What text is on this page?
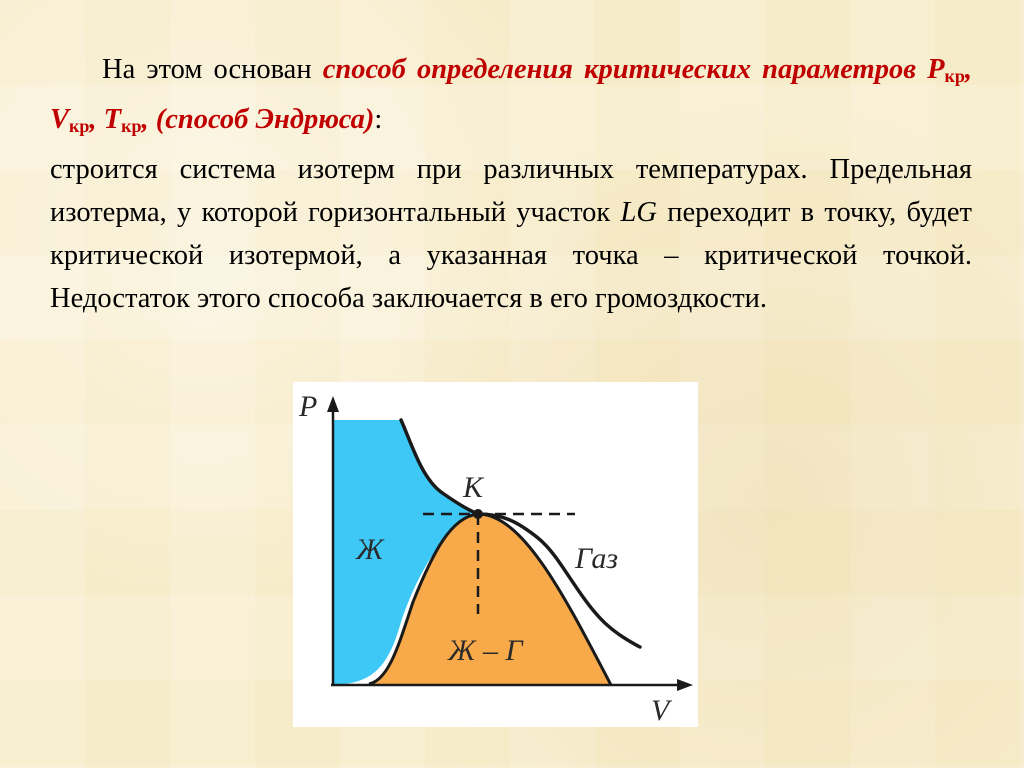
На этом основан способ определения критических параметров $P_{кр}$, $V_{кр}$, $T_{кр}$, (способ Эндрюса):

строится система изотерм при различных температурах. Предельная изотерма, у которой горизонтальный участок LG переходит в точку, будет критической изотермой, а указанная точка – критической точкой. Недостаток этого способа заключается в его громоздкости.

P
V
K
Ж	Газ
Ж – Г
